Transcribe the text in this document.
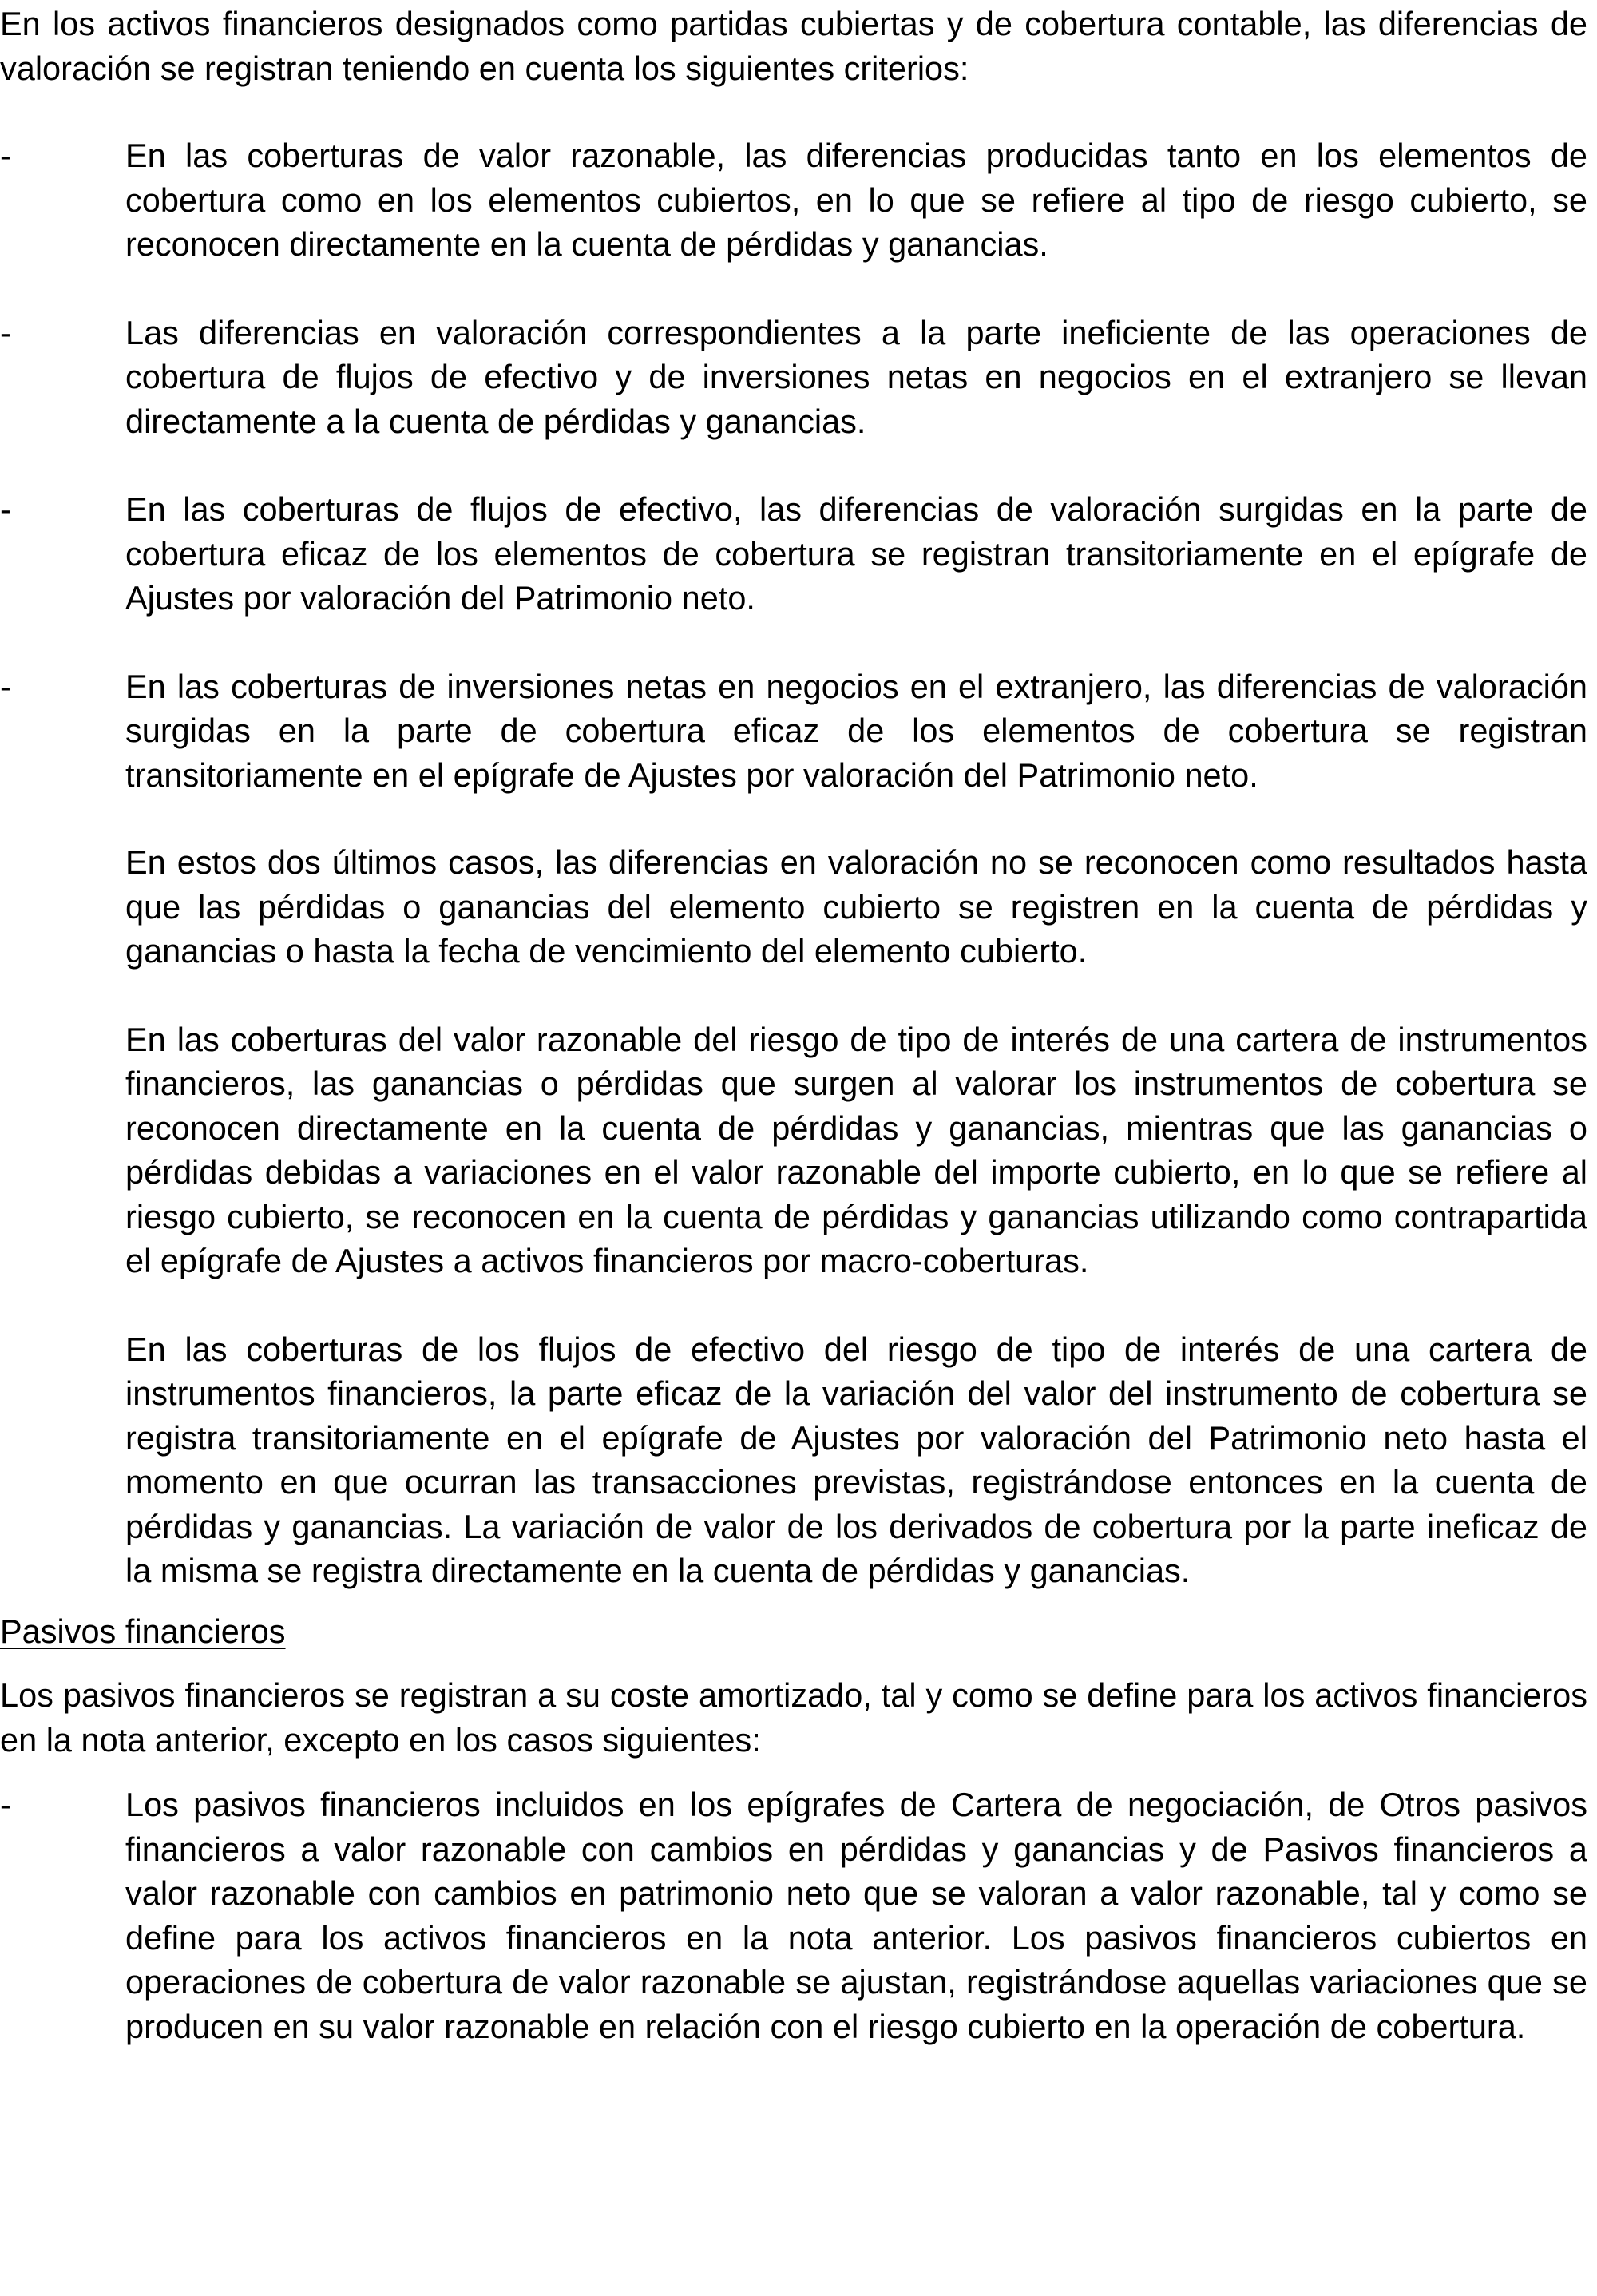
En los activos financieros designados como partidas cubiertas y de cobertura contable, las diferencias de valoración se registran teniendo en cuenta los siguientes criterios:

-	En las coberturas de valor razonable, las diferencias producidas tanto en los elementos de cobertura como en los elementos cubiertos, en lo que se refiere al tipo de riesgo cubierto, se reconocen directamente en la cuenta de pérdidas y ganancias.
-	Las diferencias en valoración correspondientes a la parte ineficiente de las operaciones de cobertura de flujos de efectivo y de inversiones netas en negocios en el extranjero se llevan directamente a la cuenta de pérdidas y ganancias.
-	En las coberturas de flujos de efectivo, las diferencias de valoración surgidas en la parte de cobertura eficaz de los elementos de cobertura se registran transitoriamente en el epígrafe de Ajustes por valoración del Patrimonio neto.
-	En las coberturas de inversiones netas en negocios en el extranjero, las diferencias de valoración surgidas en la parte de cobertura eficaz de los elementos de cobertura se registran transitoriamente en el epígrafe de Ajustes por valoración del Patrimonio neto.

En estos dos últimos casos, las diferencias en valoración no se reconocen como resultados hasta que las pérdidas o ganancias del elemento cubierto se registren en la cuenta de pérdidas y ganancias o hasta la fecha de vencimiento del elemento cubierto.

En las coberturas del valor razonable del riesgo de tipo de interés de una cartera de instrumentos financieros, las ganancias o pérdidas que surgen al valorar los instrumentos de cobertura se reconocen directamente en la cuenta de pérdidas y ganancias, mientras que las ganancias o pérdidas debidas a variaciones en el valor razonable del importe cubierto, en lo que se refiere al riesgo cubierto, se reconocen en la cuenta de pérdidas y ganancias utilizando como contrapartida el epígrafe de Ajustes a activos financieros por macro-coberturas.

En las coberturas de los flujos de efectivo del riesgo de tipo de interés de una cartera de instrumentos financieros, la parte eficaz de la variación del valor del instrumento de cobertura se registra transitoriamente en el epígrafe de Ajustes por valoración del Patrimonio neto hasta el momento en que ocurran las transacciones previstas, registrándose entonces en la cuenta de pérdidas y ganancias. La variación de valor de los derivados de cobertura por la parte ineficaz de la misma se registra directamente en la cuenta de pérdidas y ganancias.

Pasivos financieros

Los pasivos financieros se registran a su coste amortizado, tal y como se define para los activos financieros en la nota anterior, excepto en los casos siguientes:

-	Los pasivos financieros incluidos en los epígrafes de Cartera de negociación, de Otros pasivos financieros a valor razonable con cambios en pérdidas y ganancias y de Pasivos financieros a valor razonable con cambios en patrimonio neto que se valoran a valor razonable, tal y como se define para los activos financieros en la nota anterior. Los pasivos financieros cubiertos en operaciones de cobertura de valor razonable se ajustan, registrándose aquellas variaciones que se producen en su valor razonable en relación con el riesgo cubierto en la operación de cobertura.
